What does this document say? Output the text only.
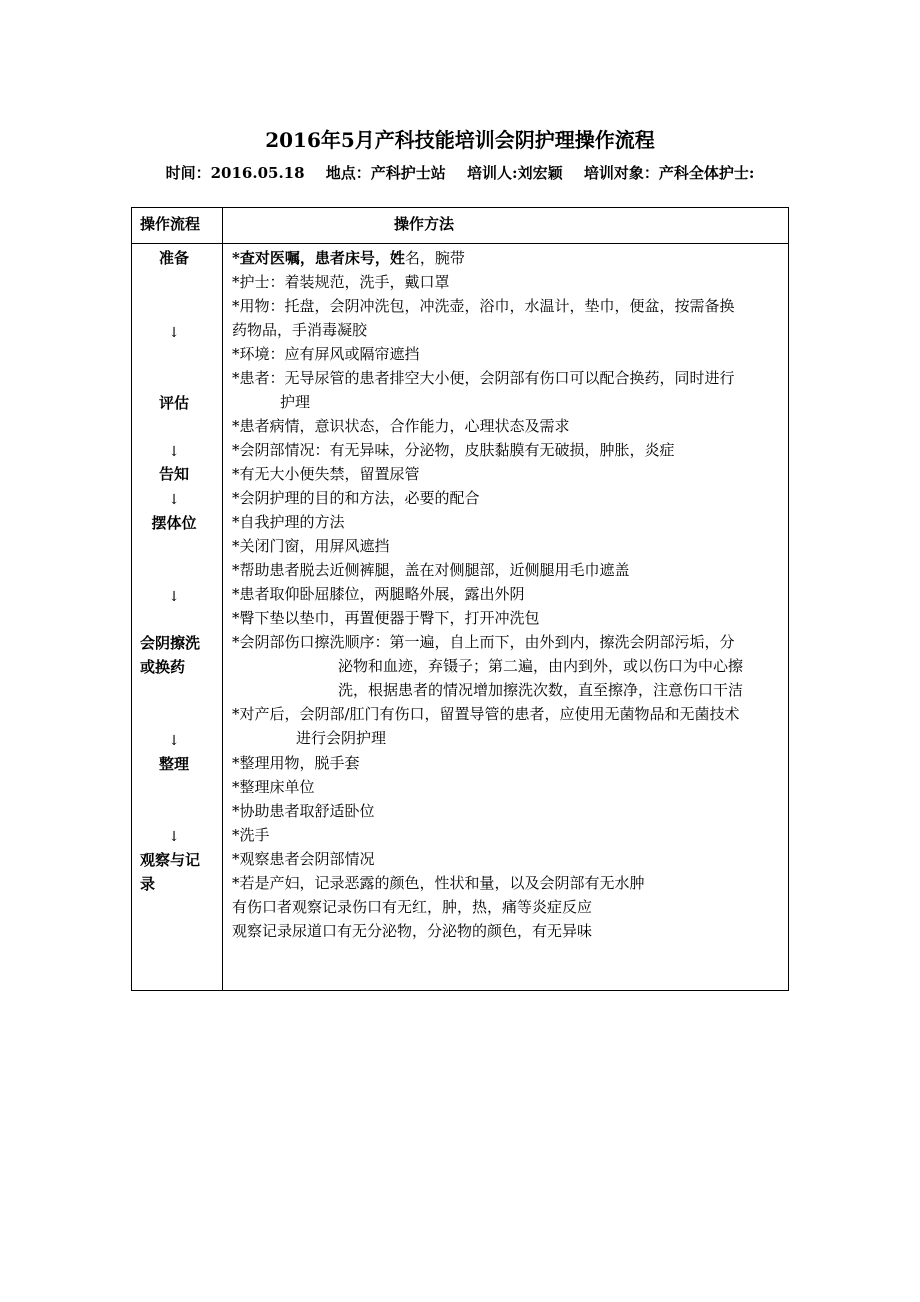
2016年5月产科技能培训会阴护理操作流程
时间：2016.05.18 地点：产科护士站 培训人:刘宏颖 培训对象：产科全体护士:
操作流程	操作方法
准备
↓
评估
↓
告知
↓
摆体位
↓
会阴擦洗
或换药
↓
整理
↓
观察与记
录
*查对医嘱，患者床号，姓名，腕带
*护士：着装规范，洗手，戴口罩
*用物：托盘，会阴冲洗包，冲洗壶，浴巾，水温计，垫巾，便盆，按需备换
药物品，手消毒凝胶
*环境：应有屏风或隔帘遮挡
*患者：无导尿管的患者排空大小便，会阴部有伤口可以配合换药，同时进行
护理
*患者病情，意识状态，合作能力，心理状态及需求
*会阴部情况：有无异味，分泌物，皮肤黏膜有无破损，肿胀，炎症
*有无大小便失禁，留置尿管
*会阴护理的目的和方法，必要的配合
*自我护理的方法
*关闭门窗，用屏风遮挡
*帮助患者脱去近侧裤腿，盖在对侧腿部，近侧腿用毛巾遮盖
*患者取仰卧屈膝位，两腿略外展，露出外阴
*臀下垫以垫巾，再置便器于臀下，打开冲洗包
*会阴部伤口擦洗顺序：第一遍，自上而下，由外到内，擦洗会阴部污垢，分
泌物和血迹，弃镊子；第二遍，由内到外，或以伤口为中心擦
洗，根据患者的情况增加擦洗次数，直至擦净，注意伤口干洁
*对产后，会阴部/肛门有伤口，留置导管的患者，应使用无菌物品和无菌技术
进行会阴护理
*整理用物，脱手套
*整理床单位
*协助患者取舒适卧位
*洗手
*观察患者会阴部情况
*若是产妇，记录恶露的颜色，性状和量，以及会阴部有无水肿
有伤口者观察记录伤口有无红，肿，热，痛等炎症反应
观察记录尿道口有无分泌物，分泌物的颜色，有无异味
